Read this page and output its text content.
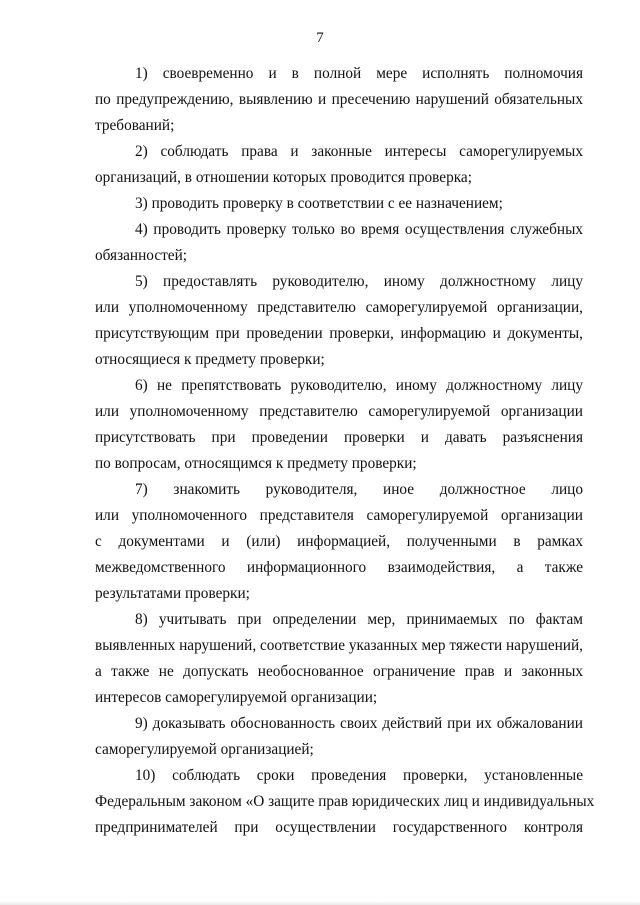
7
1) своевременно и в полной мере исполнять полномочия
по предупреждению, выявлению и пресечению нарушений обязательных
требований;
2) соблюдать права и законные интересы саморегулируемых
организаций, в отношении которых проводится проверка;
3) проводить проверку в соответствии с ее назначением;
4) проводить проверку только во время осуществления служебных
обязанностей;
5) предоставлять руководителю, иному должностному лицу
или уполномоченному представителю саморегулируемой организации,
присутствующим при проведении проверки, информацию и документы,
относящиеся к предмету проверки;
6) не препятствовать руководителю, иному должностному лицу
или уполномоченному представителю саморегулируемой организации
присутствовать при проведении проверки и давать разъяснения
по вопросам, относящимся к предмету проверки;
7) знакомить руководителя, иное должностное лицо
или уполномоченного представителя саморегулируемой организации
с документами и (или) информацией, полученными в рамках
межведомственного информационного взаимодействия, а также
результатами проверки;
8) учитывать при определении мер, принимаемых по фактам
выявленных нарушений, соответствие указанных мер тяжести нарушений,
а также не допускать необоснованное ограничение прав и законных
интересов саморегулируемой организации;
9) доказывать обоснованность своих действий при их обжаловании
саморегулируемой организацией;
10) соблюдать сроки проведения проверки, установленные
Федеральным законом «О защите прав юридических лиц и индивидуальных
предпринимателей при осуществлении государственного контроля
